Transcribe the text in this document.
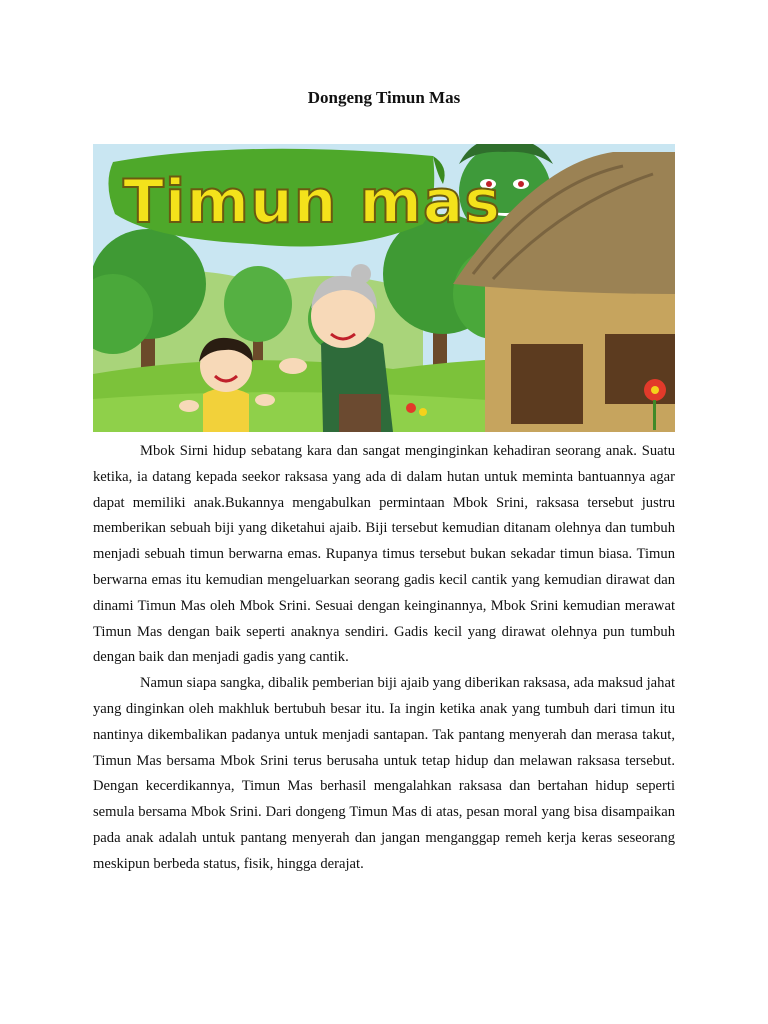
Dongeng Timun Mas
Timun mas

Mbok Sirni hidup sebatang kara dan sangat menginginkan kehadiran seorang anak. Suatu ketika, ia datang kepada seekor raksasa yang ada di dalam hutan untuk meminta bantuannya agar dapat memiliki anak.Bukannya mengabulkan permintaan Mbok Srini, raksasa tersebut justru memberikan sebuah biji yang diketahui ajaib. Biji tersebut kemudian ditanam olehnya dan tumbuh menjadi sebuah timun berwarna emas. Rupanya timus tersebut bukan sekadar timun biasa. Timun berwarna emas itu kemudian mengeluarkan seorang gadis kecil cantik yang kemudian dirawat dan dinami Timun Mas oleh Mbok Srini. Sesuai dengan keinginannya, Mbok Srini kemudian merawat Timun Mas dengan baik seperti anaknya sendiri. Gadis kecil yang dirawat olehnya pun tumbuh dengan baik dan menjadi gadis yang cantik.

Namun siapa sangka, dibalik pemberian biji ajaib yang diberikan raksasa, ada maksud jahat yang dinginkan oleh makhluk bertubuh besar itu. Ia ingin ketika anak yang tumbuh dari timun itu nantinya dikembalikan padanya untuk menjadi santapan. Tak pantang menyerah dan merasa takut, Timun Mas bersama Mbok Srini terus berusaha untuk tetap hidup dan melawan raksasa tersebut. Dengan kecerdikannya, Timun Mas berhasil mengalahkan raksasa dan bertahan hidup seperti semula bersama Mbok Srini. Dari dongeng Timun Mas di atas, pesan moral yang bisa disampaikan pada anak adalah untuk pantang menyerah dan jangan menganggap remeh kerja keras seseorang meskipun berbeda status, fisik, hingga derajat.
